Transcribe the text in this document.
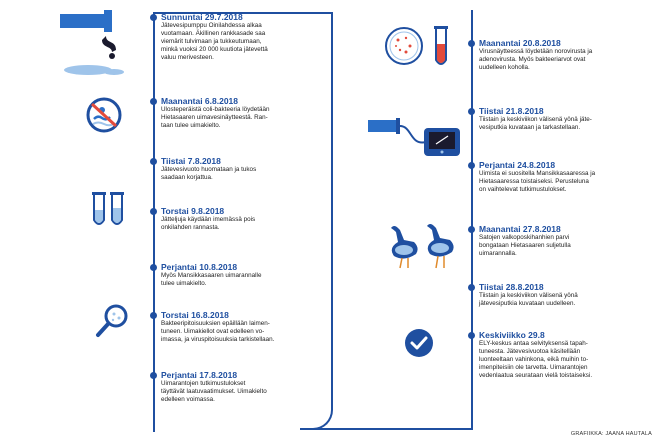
Sunnuntai 29.7.2018
Jätevesipumppu Oinilahdessa alkaa
vuotamaan. Äkillinen rankkasade saa
viemärit tulvimaan ja tukkeutumaan,
minkä vuoksi 20 000 kuutiota jätevettä
valuu merivesteen.
Maanantai 6.8.2018
Ulosteperäistä coli-bakteeria löydetään
Hietasaaren uimavesinäytteestä. Ran-
taan tulee uimakielto.
Tiistai 7.8.2018
Jätevesivuoto huomataan ja tukos
saadaan korjattua.
Torstai 9.8.2018
Jätteljuja käydään imemässä pois
onkilahden rannasta.
Perjantai 10.8.2018
Myös Mansikkasaaren uimarannalle
tulee uimakielto.
Torstai 16.8.2018
Bakteeripitoisuuksien epäillään laimen-
tuneen. Uimakiellot ovat edelleen vo-
imassa, ja viruspitoisuuksia tarkistellaan.
Perjantai 17.8.2018
Uimarantojen tutkimustulokset
täyttävät laatuvaatimukset. Uimakielto
edelleen voimassa.
Maanantai 20.8.2018
Virusnäytteessä löydetään norovirusta ja
adenovirusta. Myös bakteeriarvot ovat
uudelleen koholla.
Tiistai 21.8.2018
Tiistain ja keskiviikon välisenä yönä jäte-
vesiputkia kuvataan ja tarkastellaan.
Perjantai 24.8.2018
Uimista ei suositella Mansikkasaaressa ja
Hietasaaressa toistaiseksi. Perusteluna
on vaihtelevat tutkimustulokset.
Maanantai 27.8.2018
Satojen valkoposkihanhien parvi
bongataan Hietasaaren suljetulla
uimarannalla.
Tiistai 28.8.2018
Tiistain ja keskiviikon välisenä yönä
jätevesiputkia kuvataan uudelleen.
Keskiviikko 29.8
ELY-keskus antaa selvityksensä tapah-
tuneesta. Jätevesivuotoa käsitellään
luonteeltaan vahinkona, eikä muihin to-
imenpiteisiin ole tarvetta. Uimarantojen
vedenlaatua seurataan vielä toistaiseksi.
GRAFIIKKA: JAANA HAUTALA
